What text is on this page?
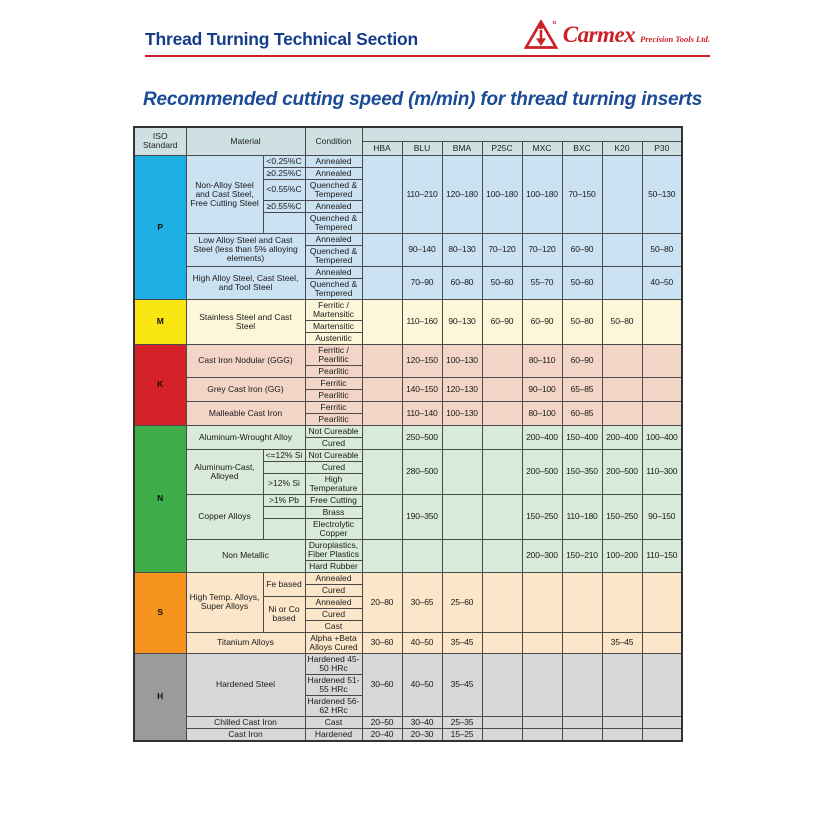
Thread Turning Technical Section	Carmex Precision Tools Ltd.
Recommended cutting speed (m/min) for thread turning inserts
ISO Standard	Material		Condition								
				HBA	BLU	BMA	P25C	MXC	BXC	K20	P30
P	Non-Alloy Steel and Cast Steel, Free Cutting Steel	<0.25%C	Annealed		110–210	120–180	100–180	100–180	70–150		50–130
		≥0.25%C	Annealed								
		<0.55%C	Quenched & Tempered								
		≥0.55%C	Annealed								
			Quenched & Tempered								
	Low Alloy Steel and Cast Steel (less than 5% alloying elements)		Annealed		90–140	80–130	70–120	70–120	60–90		50–80
			Quenched & Tempered								
	High Alloy Steel, Cast Steel, and Tool Steel		Annealed		70–90	60–80	50–60	55–70	50–60		40–50
			Quenched & Tempered								
M	Stainless Steel and Cast Steel		Ferritic / Martensitic		110–160	90–130	60–90	60–90	50–80	50–80	
			Martensitic								
			Austenitic								
K	Cast Iron Nodular (GGG)		Ferritic / Pearlitic		120–150	100–130		80–110	60–90		
			Pearlitic								
	Grey Cast Iron (GG)		Ferritic		140–150	120–130		90–100	65–85		
			Pearlitic								
	Malleable Cast Iron		Ferritic		110–140	100–130		80–100	60–85		
			Pearlitic								
N	Aluminum-Wrought Alloy		Not Cureable		250–500			200–400	150–400	200–400	100–400
			Cured								
	Aluminum-Cast, Alloyed	<=12% Si	Not Cureable		280–500			200–500	150–350	200–500	110–300
			Cured								
		>12% Si	High Temperature								
	Copper Alloys	>1% Pb	Free Cutting		190–350			150–250	110–180	150–250	90–150
			Brass								
			Electrolytic Copper								
	Non Metallic		Duroplastics, Fiber Plastics					200–300	150–210	100–200	110–150
			Hard Rubber								
S	High Temp. Alloys, Super Alloys	Fe based	Annealed	20–80	30–65	25–60					
			Cured								
		Ni or Co based	Annealed								
			Cured								
			Cast								
	Titanium Alloys		Alpha +Beta Alloys Cured	30–60	40–50	35–45				35–45	
H	Hardened Steel		Hardened 45-50 HRc	30–60	40–50	35–45					
			Hardened 51-55 HRc								
			Hardened 56-62 HRc								
	Chilled Cast Iron		Cast	20–50	30–40	25–35					
	Cast Iron		Hardened	20–40	20–30	15–25					
